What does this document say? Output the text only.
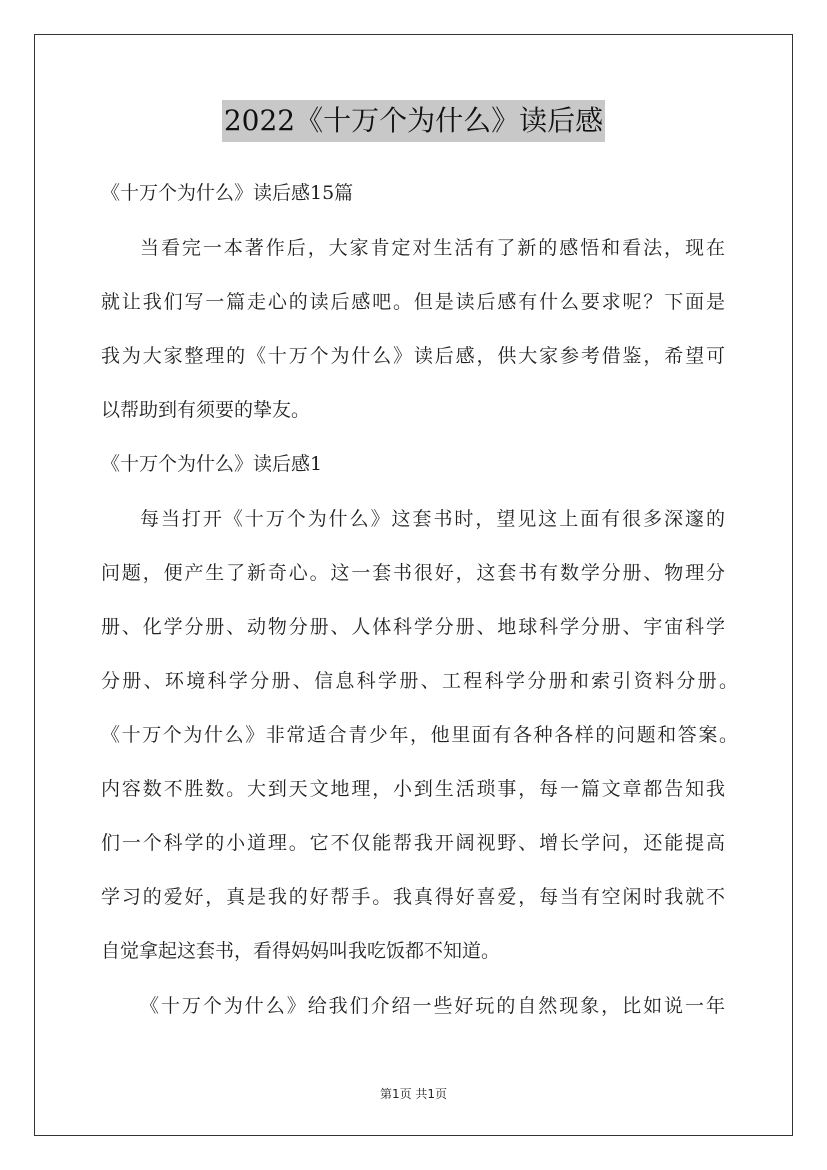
2022《十万个为什么》读后感
《十万个为什么》读后感15篇
当看完一本著作后，大家肯定对生活有了新的感悟和看法，现在
就让我们写一篇走心的读后感吧。但是读后感有什么要求呢？下面是
我为大家整理的《十万个为什么》读后感，供大家参考借鉴，希望可
以帮助到有须要的挚友。
《十万个为什么》读后感1
每当打开《十万个为什么》这套书时，望见这上面有很多深邃的
问题，便产生了新奇心。这一套书很好，这套书有数学分册、物理分
册、化学分册、动物分册、人体科学分册、地球科学分册、宇宙科学
分册、环境科学分册、信息科学册、工程科学分册和索引资料分册。
《十万个为什么》非常适合青少年，他里面有各种各样的问题和答案。
内容数不胜数。大到天文地理，小到生活琐事，每一篇文章都告知我
们一个科学的小道理。它不仅能帮我开阔视野、增长学问，还能提高
学习的爱好，真是我的好帮手。我真得好喜爱，每当有空闲时我就不
自觉拿起这套书，看得妈妈叫我吃饭都不知道。
《十万个为什么》给我们介绍一些好玩的自然现象，比如说一年
第1页 共1页
